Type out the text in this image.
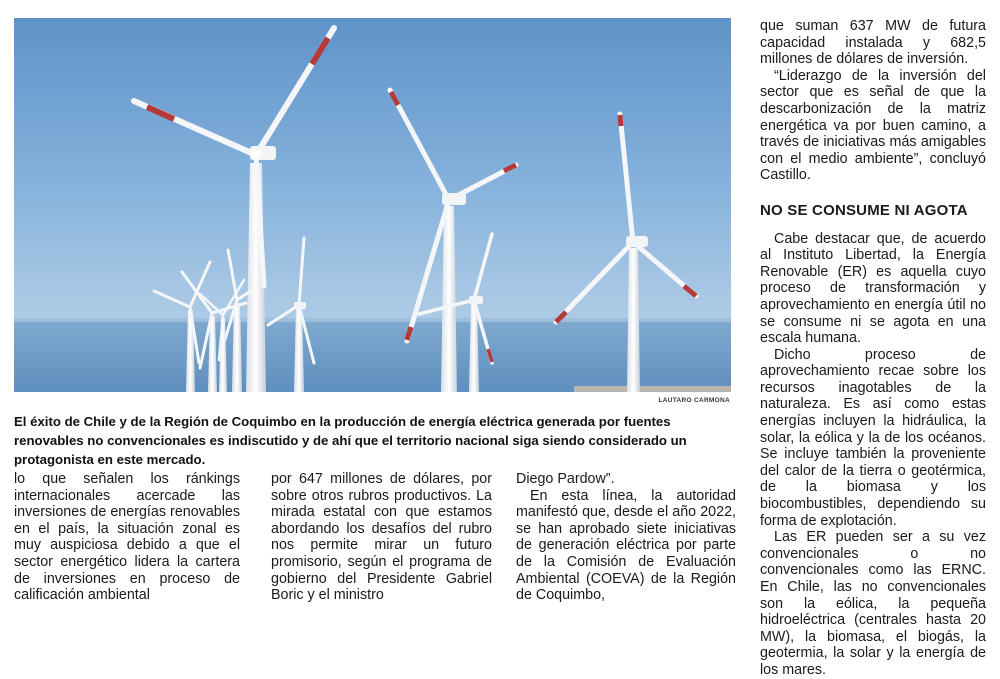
LAUTARO CARMONA
El éxito de Chile y de la Región de Coquimbo en la producción de energía eléctrica generada por fuentes renovables no convencionales es indiscutido y de ahí que el territorio nacional siga siendo considerado un protagonista en este mercado.

lo que señalen los ránkings internacionales acercade las inversiones de energías renovables en el país, la situación zonal es muy auspiciosa debido a que el sector energético lidera la cartera de inversiones en proceso de calificación ambiental

por 647 millones de dólares, por sobre otros rubros productivos. La mirada estatal con que estamos abordando los desafíos del rubro nos permite mirar un futuro promisorio, según el programa de gobierno del Presidente Gabriel Boric y el ministro

Diego Pardow”.

En esta línea, la autoridad manifestó que, desde el año 2022, se han aprobado siete iniciativas de generación eléctrica por parte de la Comisión de Evaluación Ambiental (COEVA) de la Región de Coquimbo,

que suman 637 MW de futura capacidad instalada y 682,5 millones de dólares de inversión.

“Liderazgo de la inversión del sector que es señal de que la descarbonización de la matriz energética va por buen camino, a través de iniciativas más amigables con el medio ambiente”, concluyó Castillo.

NO SE CONSUME NI AGOTA

Cabe destacar que, de acuerdo al Instituto Libertad, la Energía Renovable (ER) es aquella cuyo proceso de transformación y aprovechamiento en energía útil no se consume ni se agota en una escala humana.

Dicho proceso de aprovechamiento recae sobre los recursos inagotables de la naturaleza. Es así como estas energías incluyen la hidráulica, la solar, la eólica y la de los océanos. Se incluye también la proveniente del calor de la tierra o geotérmica, de la biomasa y los biocombustibles, dependiendo su forma de explotación.

Las ER pueden ser a su vez convencionales o no convencionales como las ERNC. En Chile, las no convencionales son la eólica, la pequeña hidroeléctrica (centrales hasta 20 MW), la biomasa, el biogás, la geotermia, la solar y la energía de los mares.
